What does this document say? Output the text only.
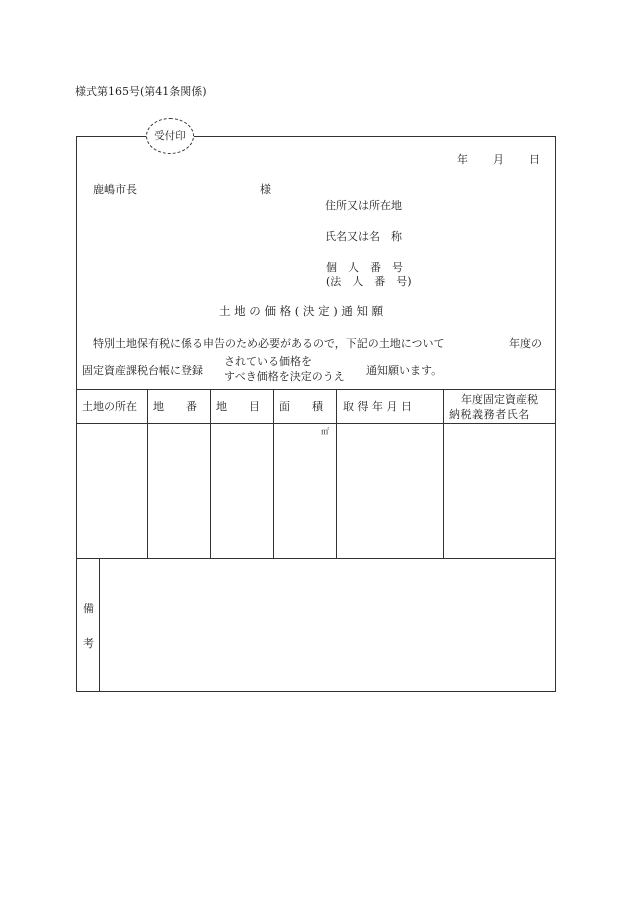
様式第165号(第41条関係)
受付印
年 月 日
鹿嶋市長	様
住所又は所在地
氏名又は名　称
個　人　番　号
(法　人　番　号)
土 地 の 価 格 ( 決 定 ) 通 知 願
特別土地保有税に係る申告のため必要があるので，下記の土地について	年度の
固定資産課税台帳に登録
されている価格を
すべき価格を決定のうえ 通知願います。
土地の所在 地　　番 地　　目 面　　積 取 得 年 月 日
年度固定資産税
納税義務者氏名
㎡
備
考
